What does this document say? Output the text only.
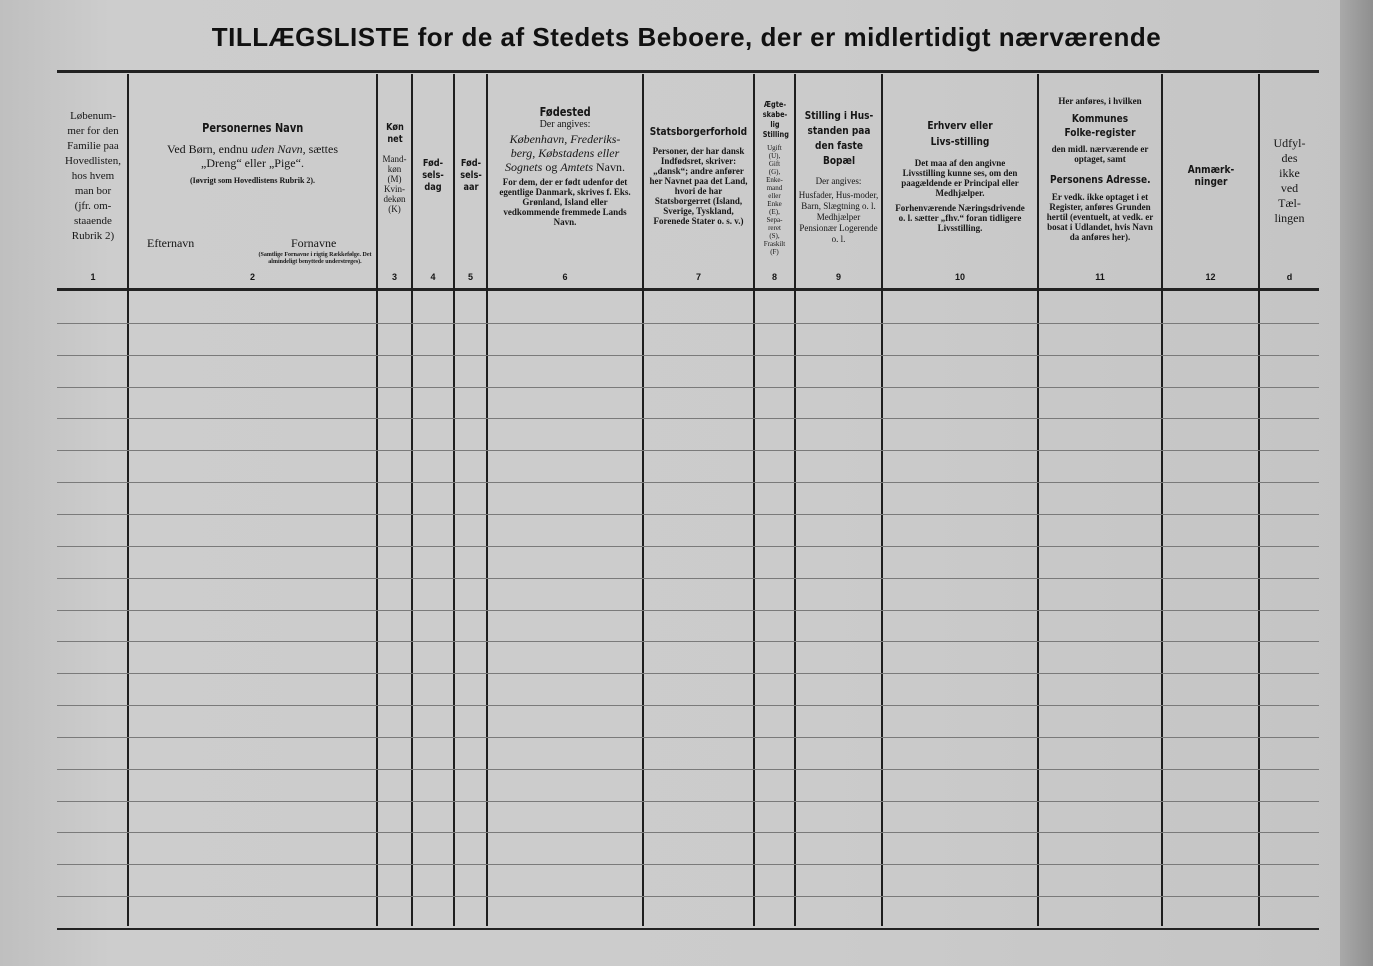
TILLÆGSLISTE for de af Stedets Beboere, der er midlertidigt nærværende
Løbenum-
mer for den
Familie paa
Hovedlisten,
hos hvem
man bor
(jfr. om-
staaende
Rubrik 2)
1
Personernes Navn
Ved Børn, endnu uden Navn, sættes
„Dreng“ eller „Pige“.
(Iøvrigt som Hovedlistens Rubrik 2).
Efternavn	Fornavne
(Samtlige Fornavne i rigtig Rækkefølge. Det almindeligt benyttede understreges).
2
Kønnet
Mand-
køn
(M)
Kvin-
dekøn
(K)
3
Fød-sels-dag
4
Fød-sels-aar
5
Fødested
Der angives:
København, Frederiks-
berg, Købstadens eller
Sognets og Amtets Navn.
For dem, der er født udenfor det egentlige Danmark, skrives f. Eks. Grønland, Island eller vedkommende fremmede Lands Navn.
6
Statsborgerforhold
Personer, der har dansk Indfødsret, skriver: „dansk“; andre anfører her Navnet paa det Land, hvori de har Statsborgerret (Island, Sverige, Tyskland, Forenede Stater o. s. v.)
7
Ægte-skabe-lig Stilling
Ugift
(U),
Gift
(G),
Enke-
mand
eller
Enke
(E),
Sepa-
reret
(S),
Fraskilt
(F)
8
Stilling i Hus-standen paa den faste Bopæl
Der angives:
Husfader, Hus-moder, Barn, Slægtning o. l. Medhjælper Pensionær Logerende o. l.
9
Erhverv eller Livs-stilling
Det maa af den angivne Livsstilling kunne ses, om den paagældende er Principal eller Medhjælper.
Forhenværende Næringsdrivende o. l. sætter „fhv.“ foran tidligere Livsstilling.
10
Her anføres, i hvilken
Kommunes Folke-register
den midl. nærværende er optaget, samt
Personens Adresse.
Er vedk. ikke optaget i et Register, anføres Grunden hertil (eventuelt, at vedk. er bosat i Udlandet, hvis Navn da anføres her).
11
Anmærk-ninger
12
Udfyl-
des
ikke
ved
Tæl-
lingen
d
